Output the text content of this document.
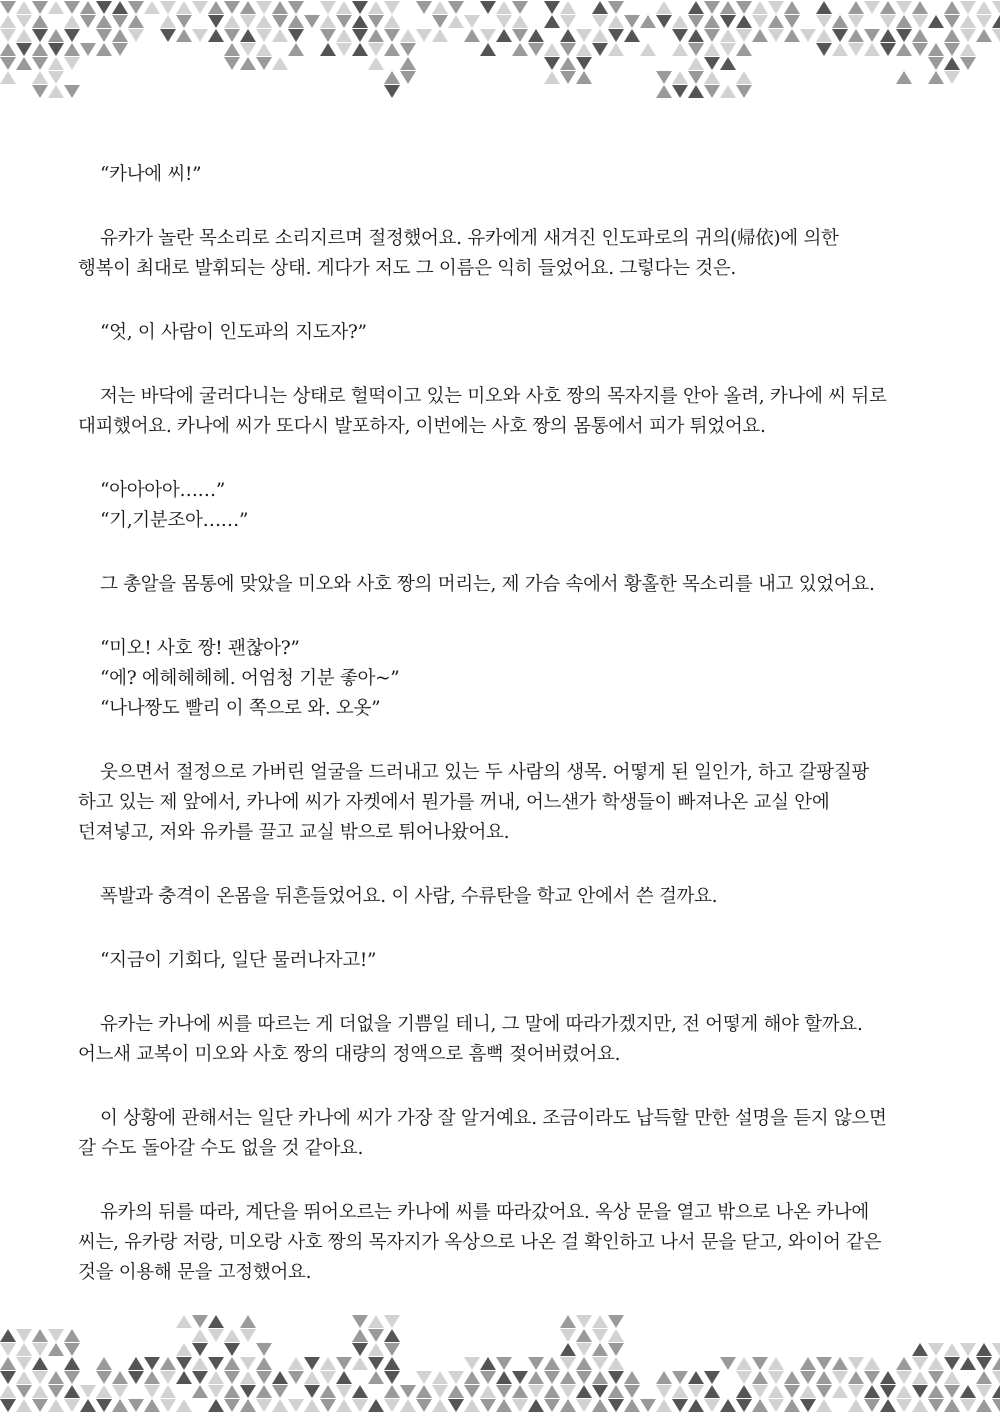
“카나에 씨!”

유카가 놀란 목소리로 소리지르며 절정했어요. 유카에게 새겨진 인도파로의 귀의(帰依)에 의한
행복이 최대로 발휘되는 상태. 게다가 저도 그 이름은 익히 들었어요. 그렇다는 것은.

“엇, 이 사람이 인도파의 지도자?”

저는 바닥에 굴러다니는 상태로 헐떡이고 있는 미오와 사호 짱의 목자지를 안아 올려, 카나에 씨 뒤로
대피했어요. 카나에 씨가 또다시 발포하자, 이번에는 사호 짱의 몸통에서 피가 튀었어요.

“아아아아……”
“기,기분조아……”

그 총알을 몸통에 맞았을 미오와 사호 짱의 머리는, 제 가슴 속에서 황홀한 목소리를 내고 있었어요.

“미오! 사호 짱! 괜찮아?”
“에? 에헤헤헤헤. 어엄청 기분 좋아~”
“나나짱도 빨리 이 쪽으로 와. 오옷”

웃으면서 절정으로 가버린 얼굴을 드러내고 있는 두 사람의 생목. 어떻게 된 일인가, 하고 갈팡질팡
하고 있는 제 앞에서, 카나에 씨가 자켓에서 뭔가를 꺼내, 어느샌가 학생들이 빠져나온 교실 안에
던져넣고, 저와 유카를 끌고 교실 밖으로 튀어나왔어요.

폭발과 충격이 온몸을 뒤흔들었어요. 이 사람, 수류탄을 학교 안에서 쓴 걸까요.

“지금이 기회다, 일단 물러나자고!”

유카는 카나에 씨를 따르는 게 더없을 기쁨일 테니, 그 말에 따라가겠지만, 전 어떻게 해야 할까요.
어느새 교복이 미오와 사호 짱의 대량의 정액으로 흠뻑 젖어버렸어요.

이 상황에 관해서는 일단 카나에 씨가 가장 잘 알거예요. 조금이라도 납득할 만한 설명을 듣지 않으면
갈 수도 돌아갈 수도 없을 것 같아요.

유카의 뒤를 따라, 계단을 뛰어오르는 카나에 씨를 따라갔어요. 옥상 문을 열고 밖으로 나온 카나에
씨는, 유카랑 저랑, 미오랑 사호 짱의 목자지가 옥상으로 나온 걸 확인하고 나서 문을 닫고, 와이어 같은
것을 이용해 문을 고정했어요.
